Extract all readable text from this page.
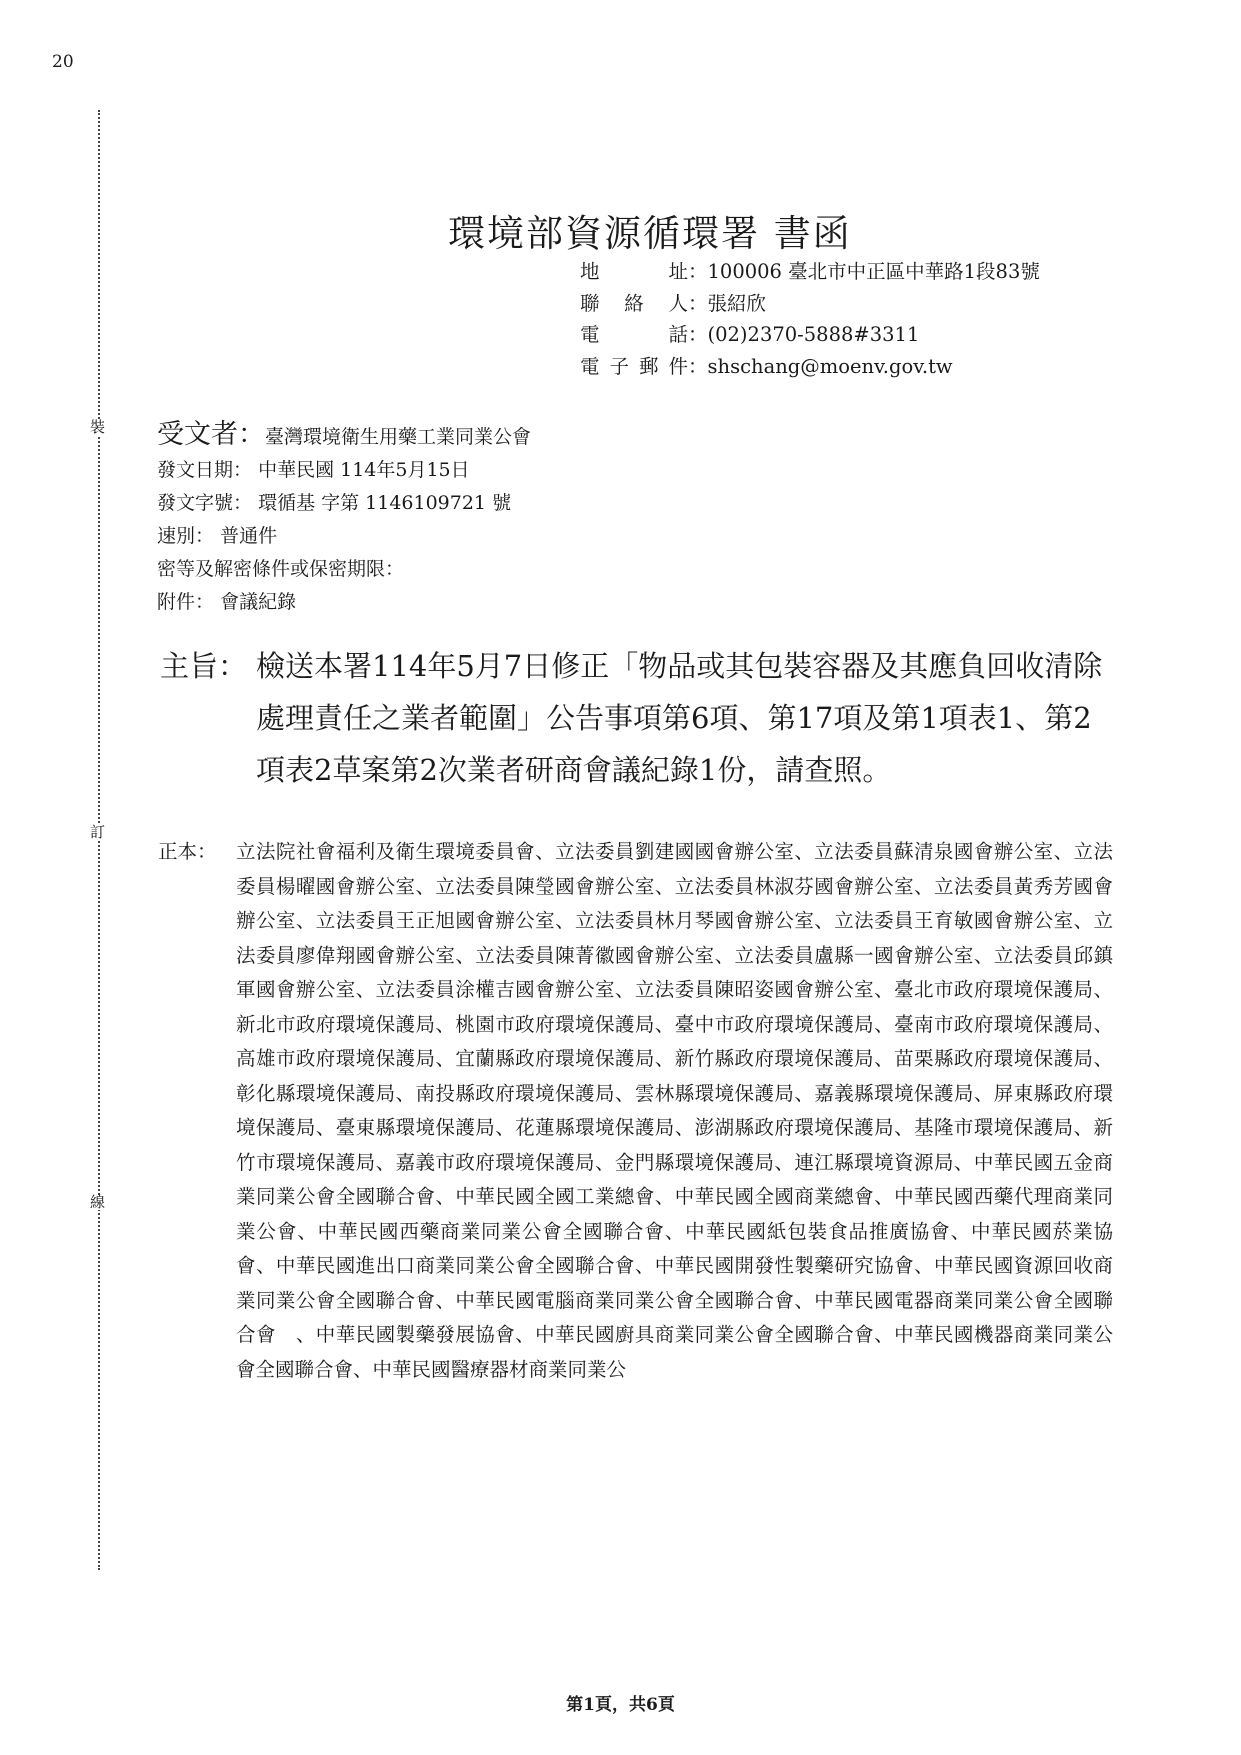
20
裝
訂
線
環境部資源循環署 書函
地址：100006 臺北市中正區中華路1段83號
聯絡人：張紹欣
電話：(02)2370-5888#3311
電子郵件：shschang@moenv.gov.tw
受文者：臺灣環境衛生用藥工業同業公會
發文日期： 中華民國 114年5月15日
發文字號： 環循基 字第 1146109721 號
速別： 普通件
密等及解密條件或保密期限：
附件： 會議紀錄
主旨： 檢送本署114年5月7日修正「物品或其包裝容器及其應負回收清除處理責任之業者範圍」公告事項第6項、第17項及第1項表1、第2項表2草案第2次業者研商會議紀錄1份，請查照。
正本： 立法院社會福利及衛生環境委員會、立法委員劉建國國會辦公室、立法委員蘇清泉國會辦公室、立法委員楊曜國會辦公室、立法委員陳瑩國會辦公室、立法委員林淑芬國會辦公室、立法委員黃秀芳國會辦公室、立法委員王正旭國會辦公室、立法委員林月琴國會辦公室、立法委員王育敏國會辦公室、立法委員廖偉翔國會辦公室、立法委員陳菁徽國會辦公室、立法委員盧縣一國會辦公室、立法委員邱鎮軍國會辦公室、立法委員涂權吉國會辦公室、立法委員陳昭姿國會辦公室、臺北市政府環境保護局、新北市政府環境保護局、桃園市政府環境保護局、臺中市政府環境保護局、臺南市政府環境保護局、高雄市政府環境保護局、宜蘭縣政府環境保護局、新竹縣政府環境保護局、苗栗縣政府環境保護局、彰化縣環境保護局、南投縣政府環境保護局、雲林縣環境保護局、嘉義縣環境保護局、屏東縣政府環境保護局、臺東縣環境保護局、花蓮縣環境保護局、澎湖縣政府環境保護局、基隆市環境保護局、新竹市環境保護局、嘉義市政府環境保護局、金門縣環境保護局、連江縣環境資源局、中華民國五金商業同業公會全國聯合會、中華民國全國工業總會、中華民國全國商業總會、中華民國西藥代理商業同業公會、中華民國西藥商業同業公會全國聯合會、中華民國紙包裝食品推廣協會、中華民國菸業協會、中華民國進出口商業同業公會全國聯合會、中華民國開發性製藥研究協會、中華民國資源回收商業同業公會全國聯合會、中華民國電腦商業同業公會全國聯合會、中華民國電器商業同業公會全國聯合會　、中華民國製藥發展協會、中華民國廚具商業同業公會全國聯合會、中華民國機器商業同業公會全國聯合會、中華民國醫療器材商業同業公
第1頁，共6頁
